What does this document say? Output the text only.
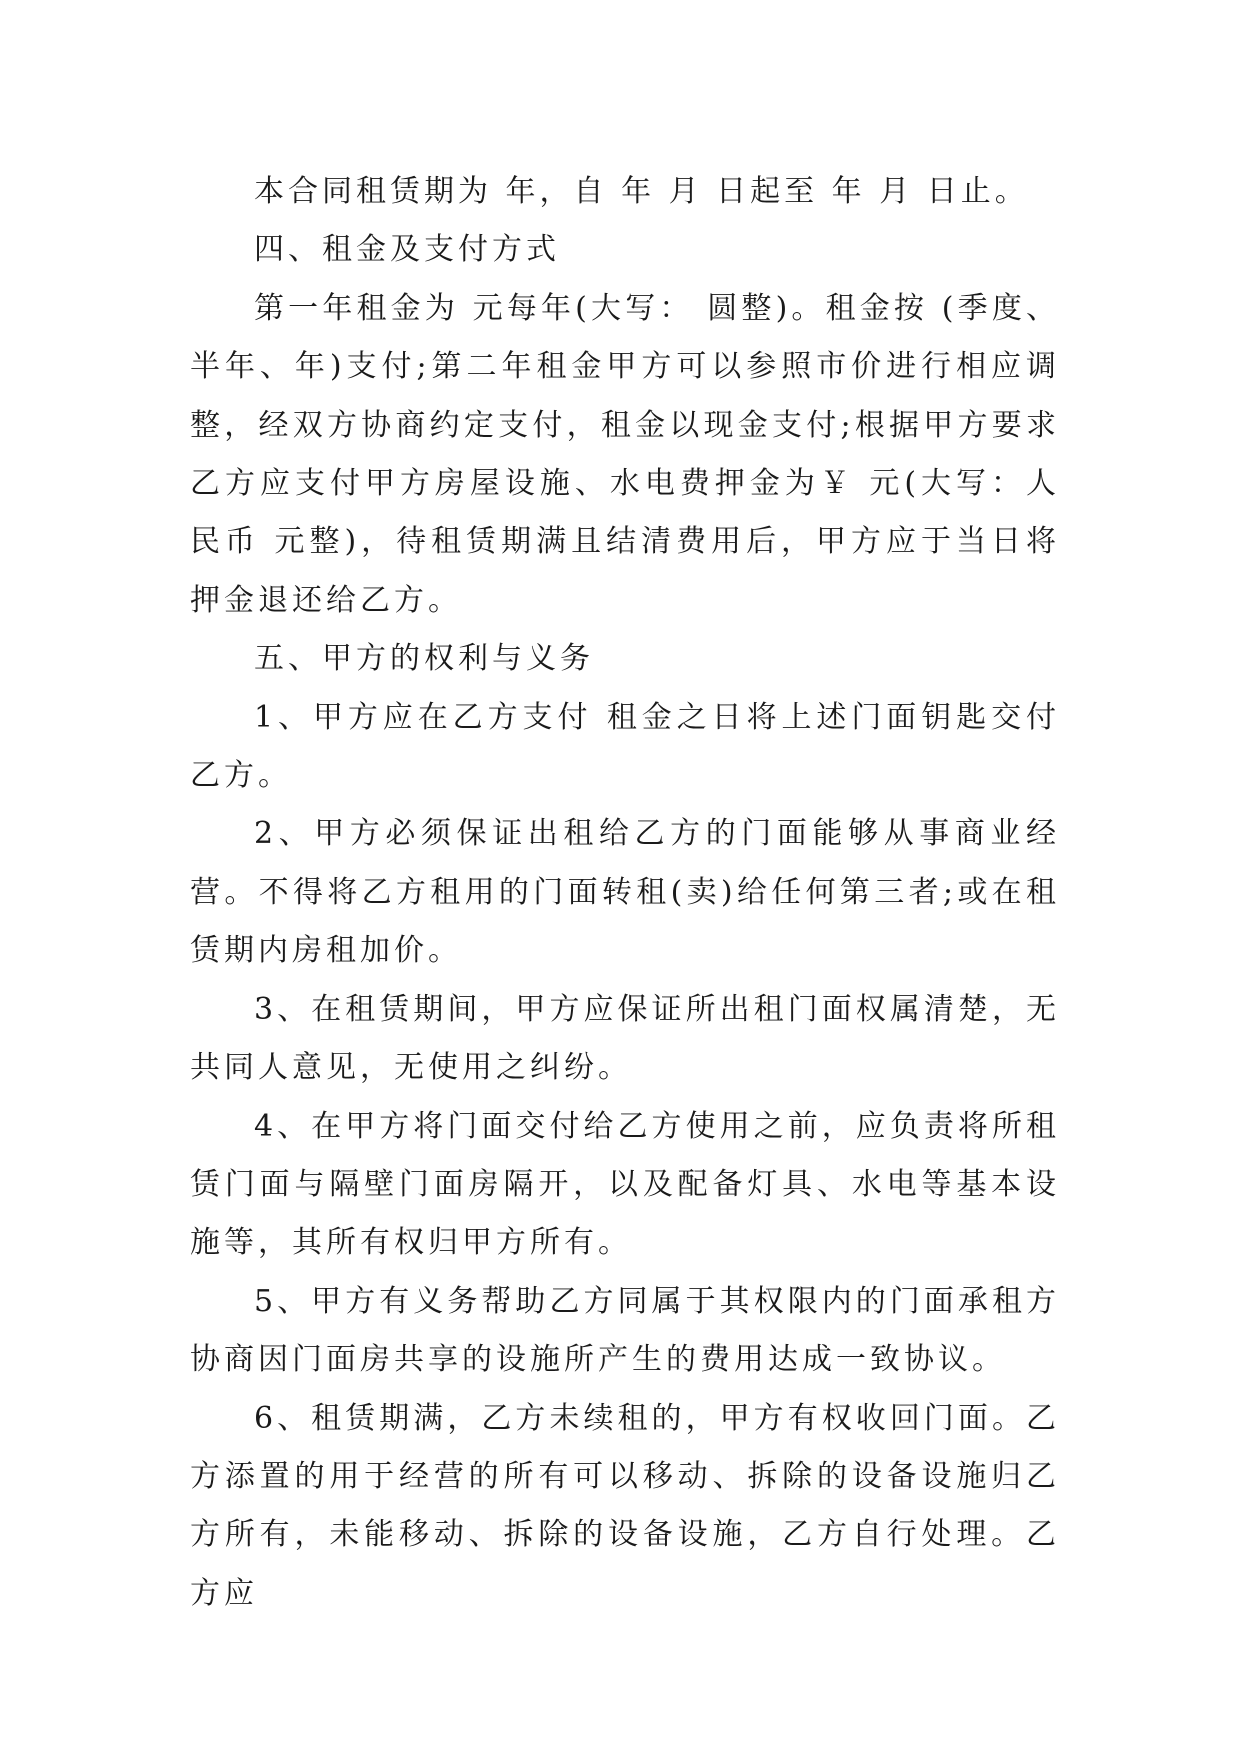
本合同租赁期为 年，自 年 月 日起至 年 月 日止。

四、租金及支付方式

第一年租金为 元每年(大写： 圆整)。租金按 (季度、半年、年)支付;第二年租金甲方可以参照市价进行相应调整，经双方协商约定支付，租金以现金支付;根据甲方要求乙方应支付甲方房屋设施、水电费押金为￥ 元(大写：人民币 元整)，待租赁期满且结清费用后，甲方应于当日将押金退还给乙方。

五、甲方的权利与义务

1、甲方应在乙方支付 租金之日将上述门面钥匙交付乙方。

2、甲方必须保证出租给乙方的门面能够从事商业经营。不得将乙方租用的门面转租(卖)给任何第三者;或在租赁期内房租加价。

3、在租赁期间，甲方应保证所出租门面权属清楚，无共同人意见，无使用之纠纷。

4、在甲方将门面交付给乙方使用之前，应负责将所租赁门面与隔壁门面房隔开，以及配备灯具、水电等基本设施等，其所有权归甲方所有。

5、甲方有义务帮助乙方同属于其权限内的门面承租方协商因门面房共享的设施所产生的费用达成一致协议。

6、租赁期满，乙方未续租的，甲方有权收回门面。乙方添置的用于经营的所有可以移动、拆除的设备设施归乙方所有，未能移动、拆除的设备设施，乙方自行处理。乙方应
